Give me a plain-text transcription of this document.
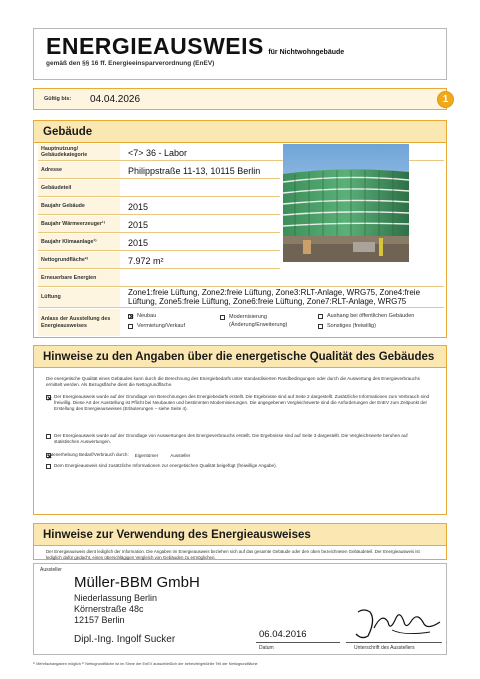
ENERGIEAUSWEIS für Nichtwohngebäude
gemäß den §§ 16 ff. Energieeinsparverordnung (EnEV)
Gültig bis:	04.04.2026	1
Gebäude
Hauptnutzung/ Gebäudekategorie	<7> 36 - Labor
Adresse	Philippstraße 11-13, 10115 Berlin
Gebäudeteil
Baujahr Gebäude	2015
Baujahr Wärmeerzeuger¹⁾	2015
Baujahr Klimaanlage¹⁾	2015
Nettogrundfläche²⁾	7.972 m²
Erneuerbare Energien
Lüftung
Zone1:freie Lüftung, Zone2:freie Lüftung, Zone3:RLT-Anlage, WRG75, Zone4:freie Lüftung, Zone5:freie Lüftung, Zone6:freie Lüftung, Zone7:RLT-Anlage, WRG75
Anlass der Ausstellung des Energieausweises
Neubau
Vermietung/Verkauf
Modernisierung (Änderung/Erweiterung)
Aushang bei öffentlichen Gebäuden
Sonstiges (freiwillig)
Hinweise zu den Angaben über die energetische Qualität des Gebäudes
Die energetische Qualität eines Gebäudes kann durch die Berechnung des Energiebedarfs unter standardisierten Randbedingungen oder durch die Auswertung des Energieverbrauchs ermittelt werden. Als Bezugsfläche dient die Nettogrundfläche.
Der Energieausweis wurde auf der Grundlage von Berechnungen des Energiebedarfs erstellt. Die Ergebnisse sind auf Seite 2 dargestellt. Zusätzliche Informationen zum Verbrauch sind freiwillig. Diese Art der Ausstellung ist Pflicht bei Neubauten und bestimmten Modernisierungen. Die angegebenen Vergleichswerte sind die Anforderungen der EnEV zum Zeitpunkt der Erstellung des Energieausweises (Erläuterungen – siehe Seite 4).
Der Energieausweis wurde auf der Grundlage von Auswertungen des Energieverbrauchs erstellt. Die Ergebnisse sind auf Seite 3 dargestellt. Die Vergleichswerte beruhen auf statistischen Auswertungen.
Datenerhebung Bedarf/Verbrauch durch: Eigentümer	Aussteller
Dem Energieausweis sind zusätzliche Informationen zur energetischen Qualität beigefügt (freiwillige Angabe).
Hinweise zur Verwendung des Energieausweises
Der Energieausweis dient lediglich der Information. Die Angaben im Energieausweis beziehen sich auf das gesamte Gebäude oder den oben bezeichneten Gebäudeteil. Der Energieausweis ist lediglich dafür gedacht, einen überschlägigen Vergleich von Gebäuden zu ermöglichen.
Aussteller
Müller-BBM GmbH
Niederlassung Berlin
Körnerstraße 48c
12157 Berlin
Dipl.-Ing. Ingolf Sucker	06.04.2016
Datum	Unterschrift des Ausstellers
¹⁾ Mehrfachangaben möglich ²⁾ Nettogrundfläche ist im Sinne der EnEV ausschließlich der beheizte/gekühlte Teil der Nettogrundfläche
